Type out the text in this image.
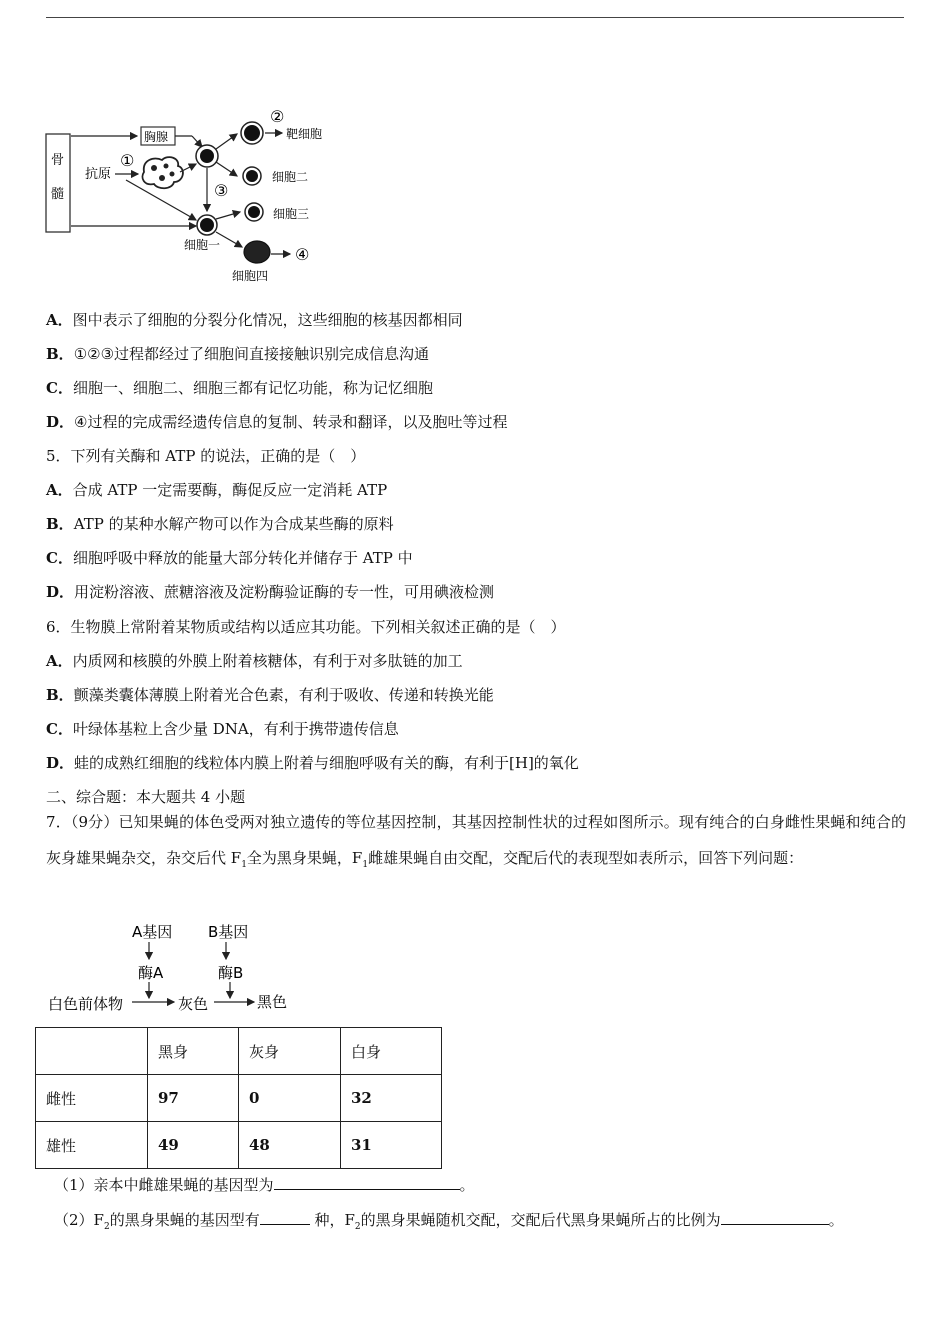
骨
髓
胸腺
抗原
①
②
靶细胞
细胞二
③
细胞一
细胞三
④
细胞四
A．图中表示了细胞的分裂分化情况，这些细胞的核基因都相同
B．①②③过程都经过了细胞间直接接触识别完成信息沟通
C．细胞一、细胞二、细胞三都有记忆功能，称为记忆细胞
D．④过程的完成需经遗传信息的复制、转录和翻译，以及胞吐等过程
5．下列有关酶和 ATP 的说法，正确的是（　）
A．合成 ATP 一定需要酶，酶促反应一定消耗 ATP
B．ATP 的某种水解产物可以作为合成某些酶的原料
C．细胞呼吸中释放的能量大部分转化并储存于 ATP 中
D．用淀粉溶液、蔗糖溶液及淀粉酶验证酶的专一性，可用碘液检测
6．生物膜上常附着某物质或结构以适应其功能。下列相关叙述正确的是（　）
A．内质网和核膜的外膜上附着核糖体，有利于对多肽链的加工
B．颤藻类囊体薄膜上附着光合色素，有利于吸收、传递和转换光能
C．叶绿体基粒上含少量 DNA，有利于携带遗传信息
D．蛙的成熟红细胞的线粒体内膜上附着与细胞呼吸有关的酶，有利于[H]的氧化
二、综合题：本大题共 4 小题
7．（9分）已知果蝇的体色受两对独立遗传的等位基因控制，其基因控制性状的过程如图所示。现有纯合的白身雌性果蝇和纯合的灰身雄果蝇杂交，杂交后代 $F_1$全为黑身果蝇，$F_1$雌雄果蝇自由交配，交配后代的表现型如表所示，回答下列问题：
A基因 B基因
酶A	酶B
白色前体物	灰色	黑色
	黑身	灰身	白身
雌性	97	0	32
雄性	49	48	31
（1）亲本中雌雄果蝇的基因型为	。
$(2)F_2$的黑身果蝇的基因型有	种，$F_2$的黑身果蝇随机交配，交配后代黑身果蝇所占的比例为	。
